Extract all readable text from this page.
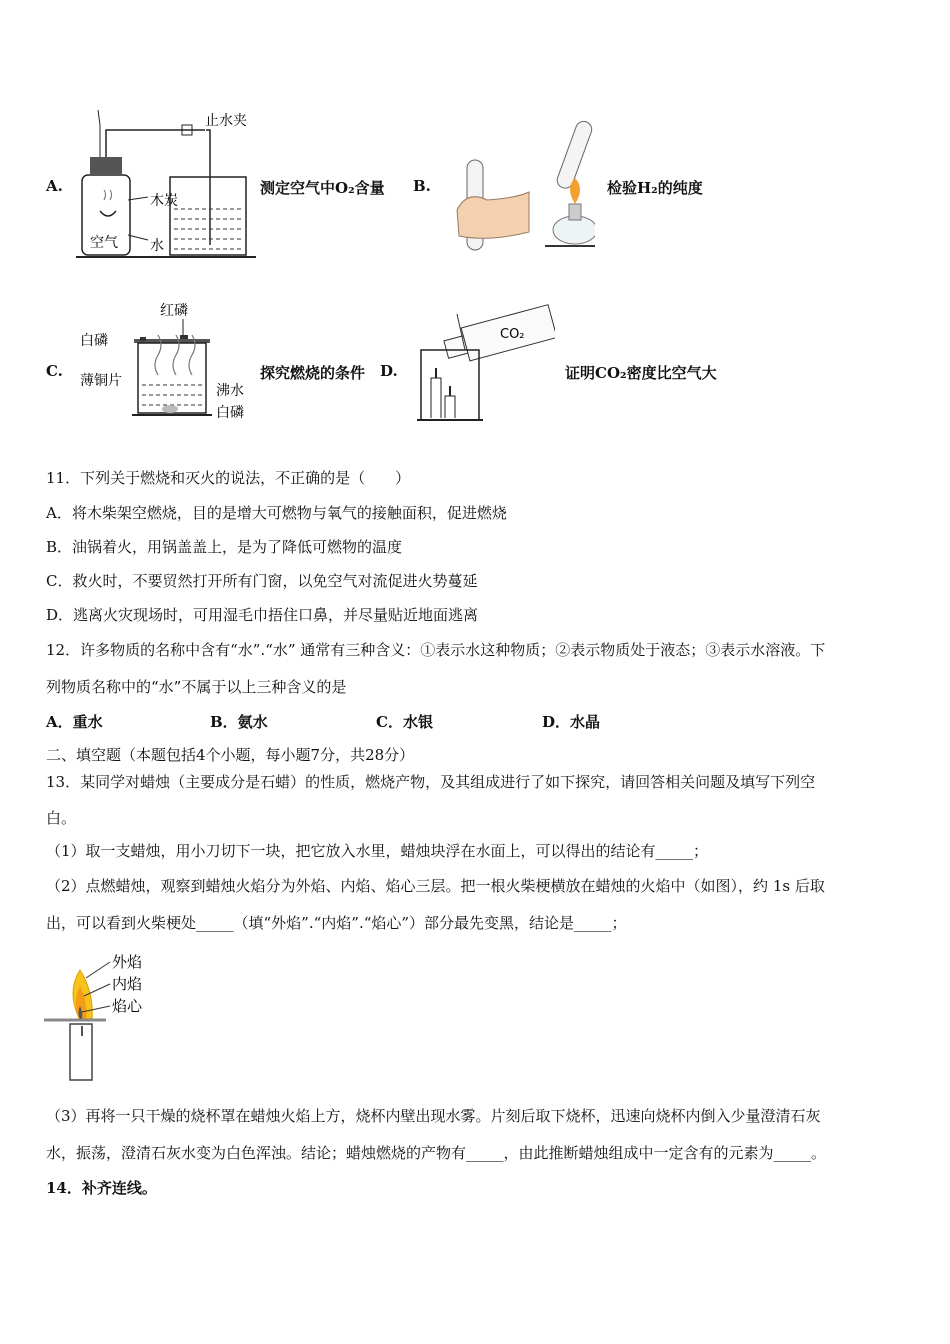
A.
止水夹
木炭
水
空气
测定空气中O₂含量 B.	检验H₂的纯度
C.
红磷
白磷
薄铜片
沸水
白磷
探究燃烧的条件 D.
CO₂
证明CO₂密度比空气大
11．下列关于燃烧和灭火的说法，不正确的是（　　）
A．将木柴架空燃烧，目的是增大可燃物与氧气的接触面积，促进燃烧
B．油锅着火，用锅盖盖上，是为了降低可燃物的温度
C．救火时，不要贸然打开所有门窗，以免空气对流促进火势蔓延
D．逃离火灾现场时，可用湿毛巾捂住口鼻，并尽量贴近地面逃离
12．许多物质的名称中含有“水”.“水” 通常有三种含义：①表示水这种物质；②表示物质处于液态；③表示水溶液。下
列物质名称中的“水”不属于以上三种含义的是
A．重水	B．氨水	C．水银	D．水晶
二、填空题（本题包括4个小题，每小题7分，共28分）
13．某同学对蜡烛（主要成分是石蜡）的性质，燃烧产物，及其组成进行了如下探究，请回答相关问题及填写下列空
白。
（1）取一支蜡烛，用小刀切下一块，把它放入水里，蜡烛块浮在水面上，可以得出的结论有_____；
（2）点燃蜡烛，观察到蜡烛火焰分为外焰、内焰、焰心三层。把一根火柴梗横放在蜡烛的火焰中（如图），约 1s 后取
出，可以看到火柴梗处_____（填“外焰”.“内焰”.“焰心”）部分最先变黑，结论是_____；
外焰
内焰
焰心
（3）再将一只干燥的烧杯罩在蜡烛火焰上方，烧杯内壁出现水雾。片刻后取下烧杯，迅速向烧杯内倒入少量澄清石灰
水，振荡，澄清石灰水变为白色浑浊。结论；蜡烛燃烧的产物有_____，由此推断蜡烛组成中一定含有的元素为_____。
14．补齐连线。
